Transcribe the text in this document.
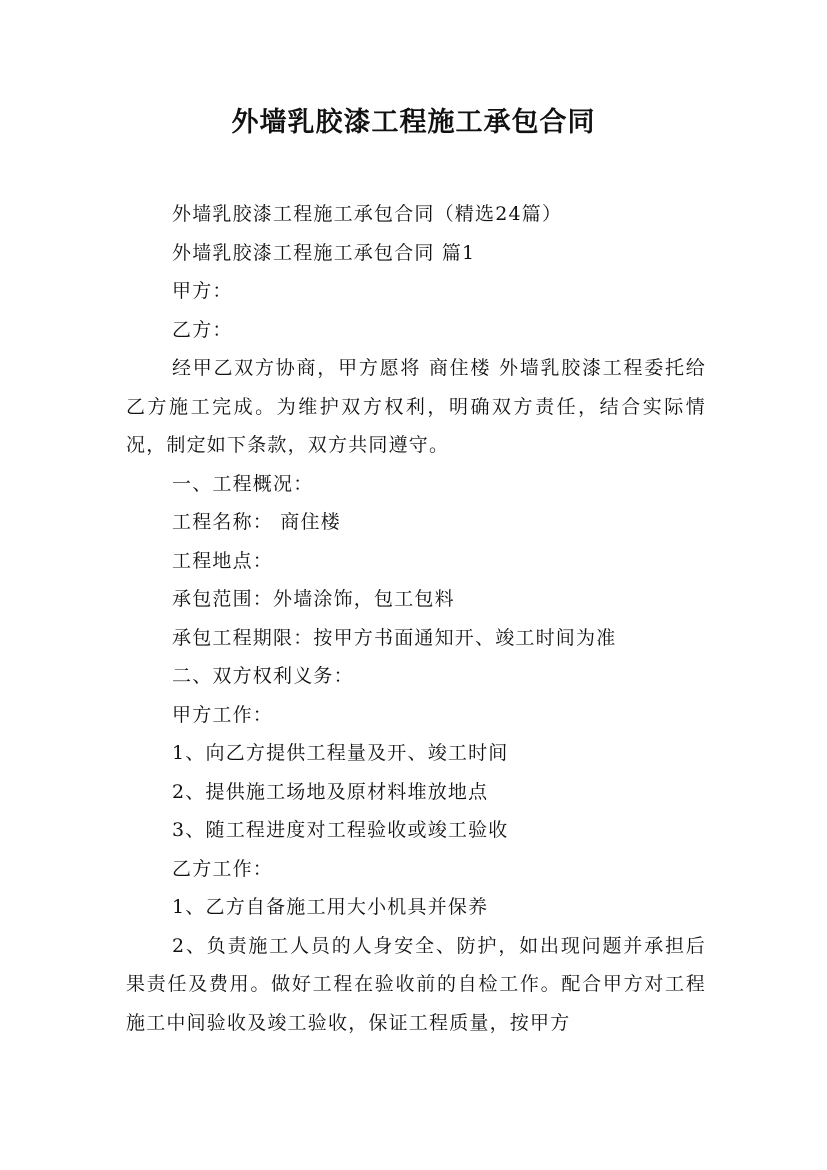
外墙乳胶漆工程施工承包合同

外墙乳胶漆工程施工承包合同（精选24篇）

外墙乳胶漆工程施工承包合同 篇1

甲方：

乙方：

经甲乙双方协商，甲方愿将 商住楼 外墙乳胶漆工程委托给乙方施工完成。为维护双方权利，明确双方责任，结合实际情况，制定如下条款，双方共同遵守。

一、工程概况：

工程名称： 商住楼

工程地点：

承包范围：外墙涂饰，包工包料

承包工程期限：按甲方书面通知开、竣工时间为准

二、双方权利义务：

甲方工作：

1、向乙方提供工程量及开、竣工时间

2、提供施工场地及原材料堆放地点

3、随工程进度对工程验收或竣工验收

乙方工作：

1、乙方自备施工用大小机具并保养

2、负责施工人员的人身安全、防护，如出现问题并承担后果责任及费用。做好工程在验收前的自检工作。配合甲方对工程施工中间验收及竣工验收，保证工程质量，按甲方
